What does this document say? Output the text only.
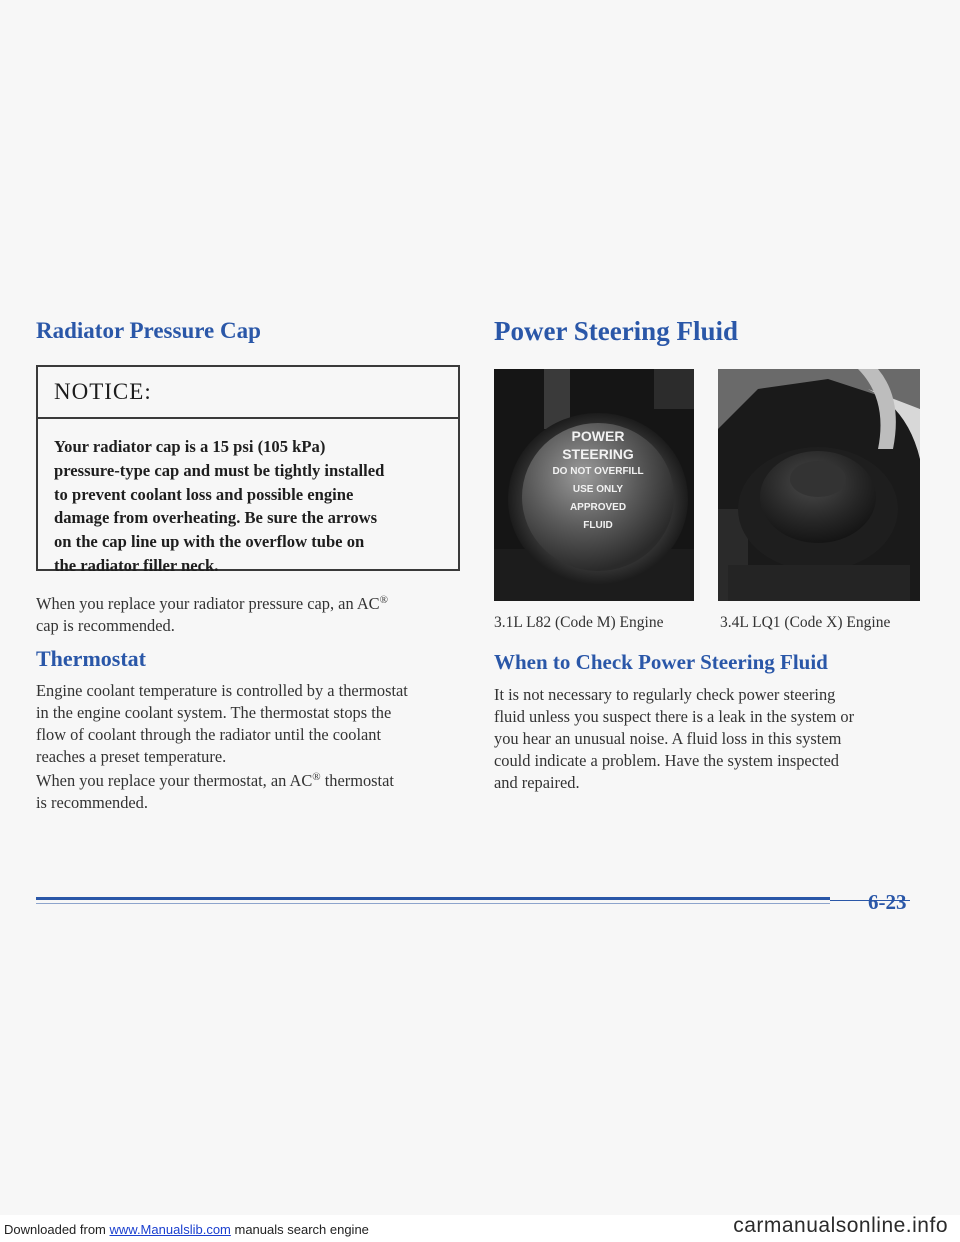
Radiator Pressure Cap
NOTICE:
Your radiator cap is a 15 psi (105 kPa)
pressure-type cap and must be tightly installed
to prevent coolant loss and possible engine
damage from overheating. Be sure the arrows
on the cap line up with the overflow tube on
the radiator filler neck.
When you replace your radiator pressure cap, an AC®
cap is recommended.
Thermostat
Engine coolant temperature is controlled by a thermostat
in the engine coolant system. The thermostat stops the
flow of coolant through the radiator until the coolant
reaches a preset temperature.
When you replace your thermostat, an AC® thermostat
is recommended.
Power Steering Fluid
POWER
STEERING
DO NOT OVERFILL
USE ONLY
APPROVED
FLUID
3.1L L82 (Code M) Engine	3.4L LQ1 (Code X) Engine
When to Check Power Steering Fluid
It is not necessary to regularly check power steering
fluid unless you suspect there is a leak in the system or
you hear an unusual noise. A fluid loss in this system
could indicate a problem. Have the system inspected
and repaired.
6-23
Downloaded from www.Manualslib.com manuals search engine	carmanualsonline.info
